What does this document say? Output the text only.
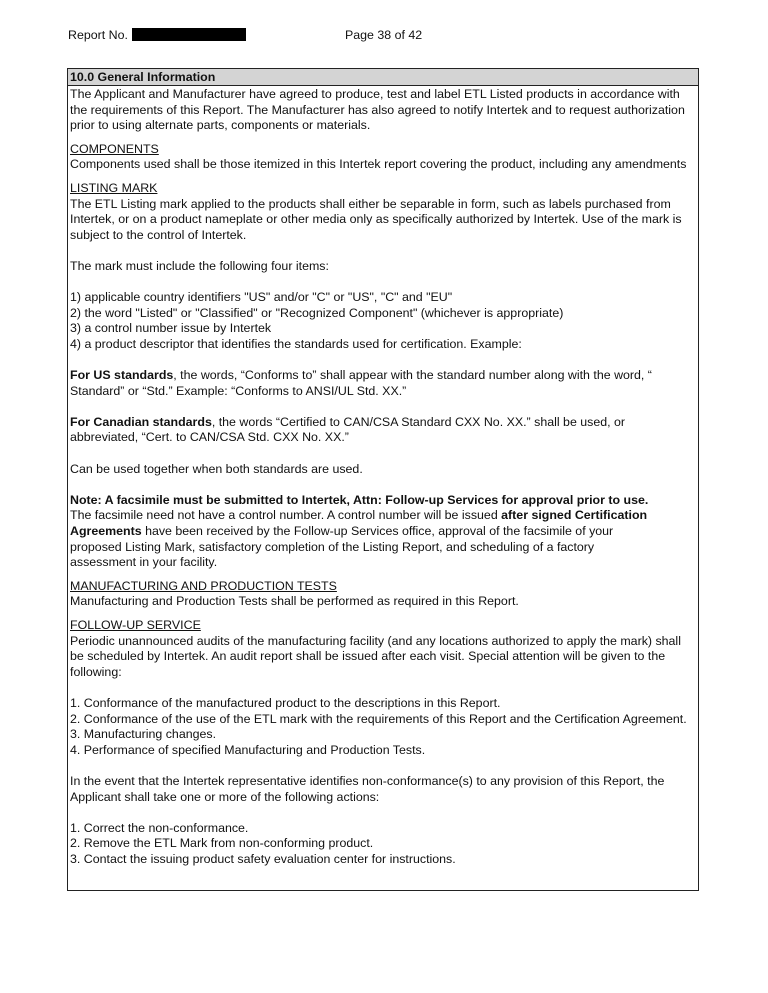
Report No.	Page 38 of 42
10.0 General Information

The Applicant and Manufacturer have agreed to produce, test and label ETL Listed products in accordance with
the requirements of this Report. The Manufacturer has also agreed to notify Intertek and to request authorization
prior to using alternate parts, components or materials.

COMPONENTS
Components used shall be those itemized in this Intertek report covering the product, including any amendments

LISTING MARK
The ETL Listing mark applied to the products shall either be separable in form, such as labels purchased from
Intertek, or on a product nameplate or other media only as specifically authorized by Intertek. Use of the mark is
subject to the control of Intertek.

The mark must include the following four items:

1) applicable country identifiers "US" and/or "C" or "US", "C" and "EU"
2) the word "Listed" or "Classified" or "Recognized Component" (whichever is appropriate)
3) a control number issue by Intertek
4) a product descriptor that identifies the standards used for certification. Example:

For US standards, the words, “Conforms to” shall appear with the standard number along with the word, “
Standard” or “Std.” Example: “Conforms to ANSI/UL Std. XX.”

For Canadian standards, the words “Certified to CAN/CSA Standard CXX No. XX.” shall be used, or
abbreviated, “Cert. to CAN/CSA Std. CXX No. XX.”

Can be used together when both standards are used.

Note: A facsimile must be submitted to Intertek, Attn: Follow-up Services for approval prior to use.
The facsimile need not have a control number. A control number will be issued after signed Certification
Agreements have been received by the Follow-up Services office, approval of the facsimile of your
proposed Listing Mark, satisfactory completion of the Listing Report, and scheduling of a factory
assessment in your facility.

MANUFACTURING AND PRODUCTION TESTS
Manufacturing and Production Tests shall be performed as required in this Report.

FOLLOW-UP SERVICE
Periodic unannounced audits of the manufacturing facility (and any locations authorized to apply the mark) shall
be scheduled by Intertek. An audit report shall be issued after each visit. Special attention will be given to the
following:

1. Conformance of the manufactured product to the descriptions in this Report.
2. Conformance of the use of the ETL mark with the requirements of this Report and the Certification Agreement.
3. Manufacturing changes.
4. Performance of specified Manufacturing and Production Tests.

In the event that the Intertek representative identifies non-conformance(s) to any provision of this Report, the
Applicant shall take one or more of the following actions:

1. Correct the non-conformance.
2. Remove the ETL Mark from non-conforming product.
3. Contact the issuing product safety evaluation center for instructions.
